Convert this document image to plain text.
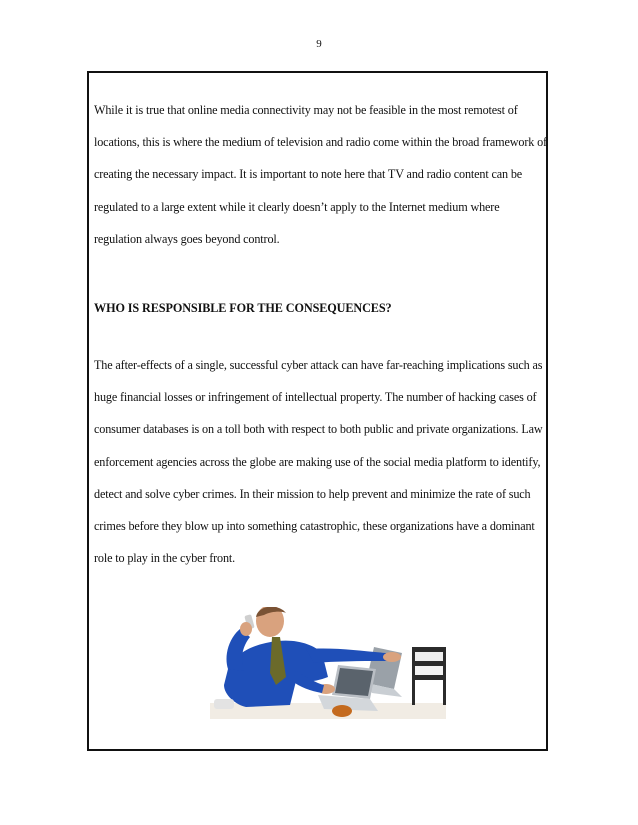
9

While it is true that online media connectivity may not be feasible in the most remotest of locations, this is where the medium of television and radio come within the broad framework of creating the necessary impact. It is important to note here that TV and radio content can be regulated to a large extent while it clearly doesn’t apply to the Internet medium where regulation always goes beyond control.

WHO IS RESPONSIBLE FOR THE CONSEQUENCES?

The after-effects of a single, successful cyber attack can have far-reaching implications such as huge financial losses or infringement of intellectual property. The number of hacking cases of consumer databases is on a toll both with respect to both public and private organizations. Law enforcement agencies across the globe are making use of the social media platform to identify, detect and solve cyber crimes. In their mission to help prevent and minimize the rate of such crimes before they blow up into something catastrophic, these organizations have a dominant role to play in the cyber front.
